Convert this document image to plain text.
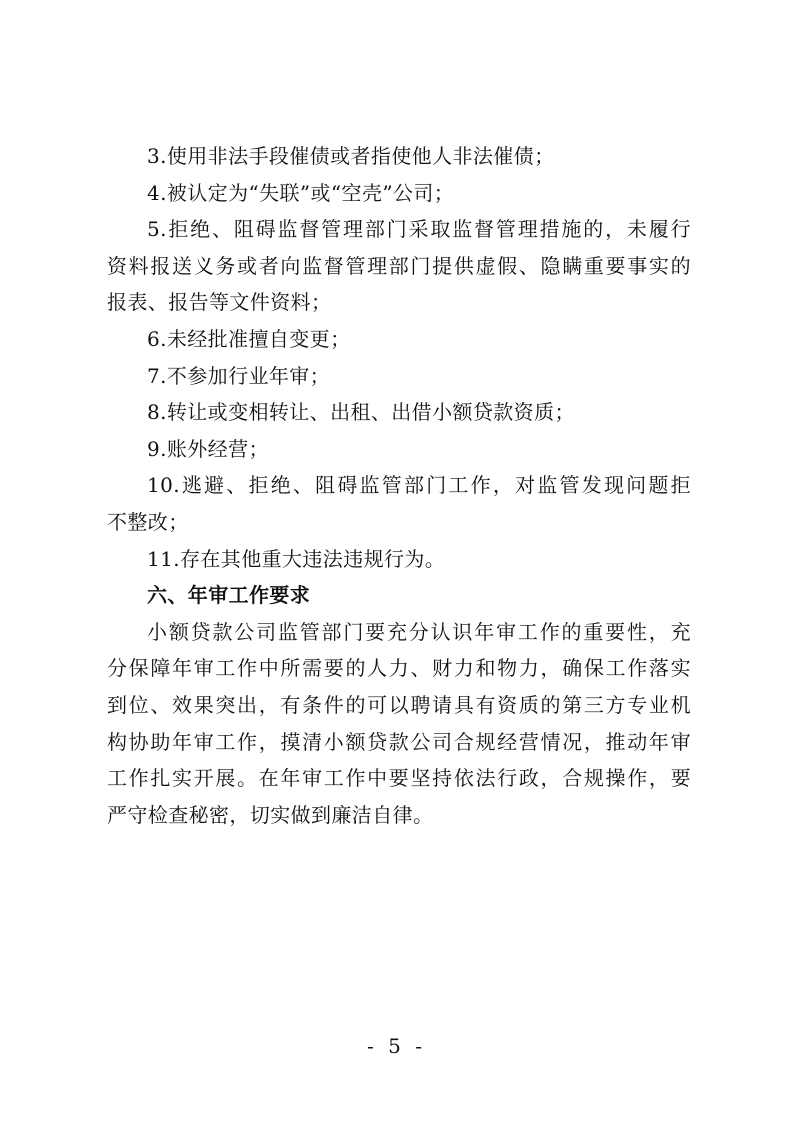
3.使用非法手段催债或者指使他人非法催债；
4.被认定为“失联”或“空壳”公司；
5.拒绝、阻碍监督管理部门采取监督管理措施的，未履行
资料报送义务或者向监督管理部门提供虚假、隐瞒重要事实的
报表、报告等文件资料；
6.未经批准擅自变更；
7.不参加行业年审；
8.转让或变相转让、出租、出借小额贷款资质；
9.账外经营；
10.逃避、拒绝、阻碍监管部门工作，对监管发现问题拒
不整改；
11.存在其他重大违法违规行为。
六、年审工作要求
小额贷款公司监管部门要充分认识年审工作的重要性，充
分保障年审工作中所需要的人力、财力和物力，确保工作落实
到位、效果突出，有条件的可以聘请具有资质的第三方专业机
构协助年审工作，摸清小额贷款公司合规经营情况，推动年审
工作扎实开展。在年审工作中要坚持依法行政，合规操作，要
严守检查秘密，切实做到廉洁自律。
- 5 -
